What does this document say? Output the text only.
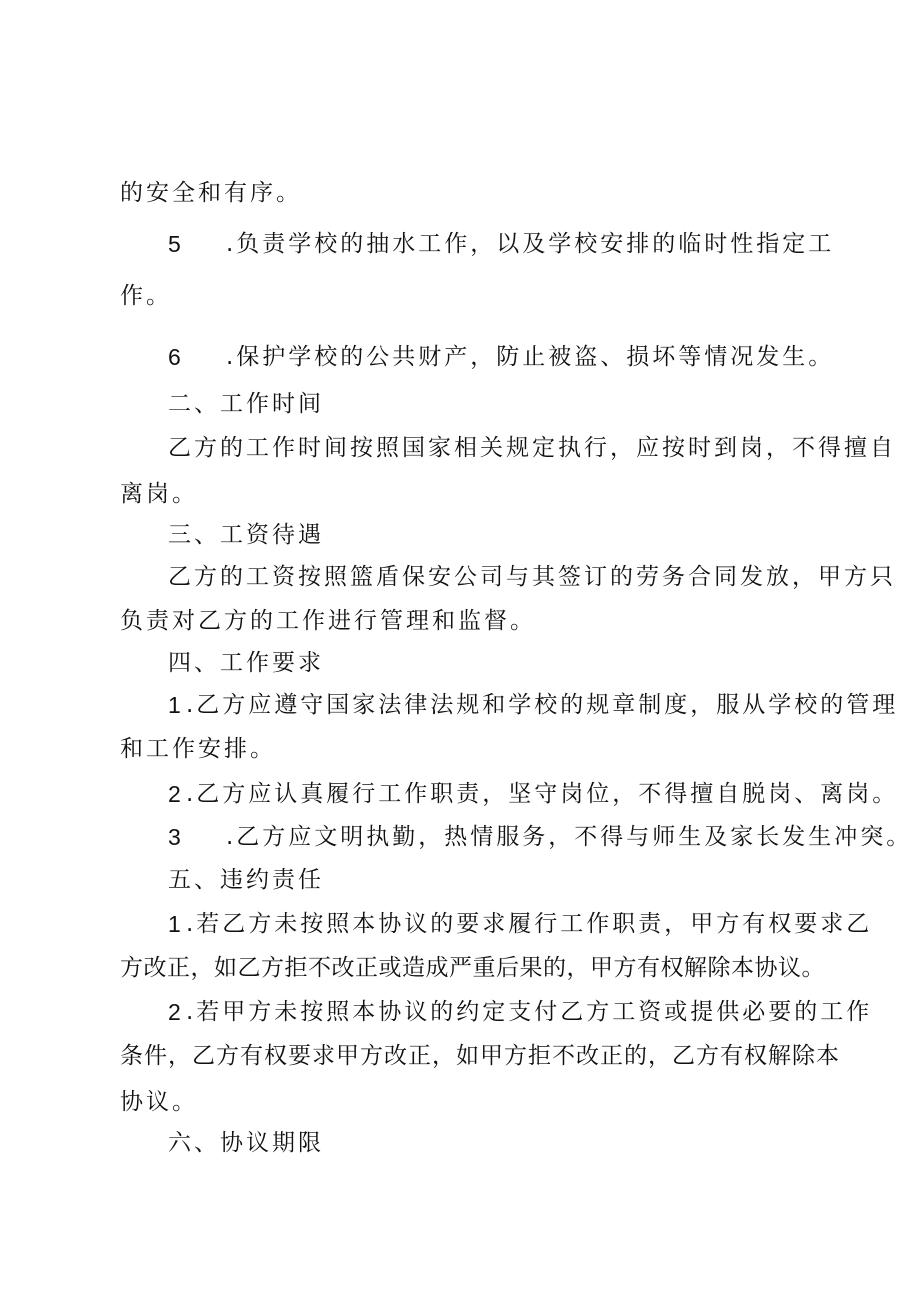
的安全和有序。
5 .负责学校的抽水工作，以及学校安排的临时性指定工
作。
6 .保护学校的公共财产，防止被盗、损坏等情况发生。
二、工作时间
乙方的工作时间按照国家相关规定执行，应按时到岗，不得擅自
离岗。
三、工资待遇
乙方的工资按照篮盾保安公司与其签订的劳务合同发放，甲方只
负责对乙方的工作进行管理和监督。
四、工作要求
1 .乙方应遵守国家法律法规和学校的规章制度，服从学校的管理
和工作安排。
2 .乙方应认真履行工作职责，坚守岗位，不得擅自脱岗、离岗。
3 .乙方应文明执勤，热情服务，不得与师生及家长发生冲突。
五、违约责任
1 .若乙方未按照本协议的要求履行工作职责，甲方有权要求乙
方改正，如乙方拒不改正或造成严重后果的，甲方有权解除本协议。
2 .若甲方未按照本协议的约定支付乙方工资或提供必要的工作
条件，乙方有权要求甲方改正，如甲方拒不改正的，乙方有权解除本
协议。
六、协议期限
